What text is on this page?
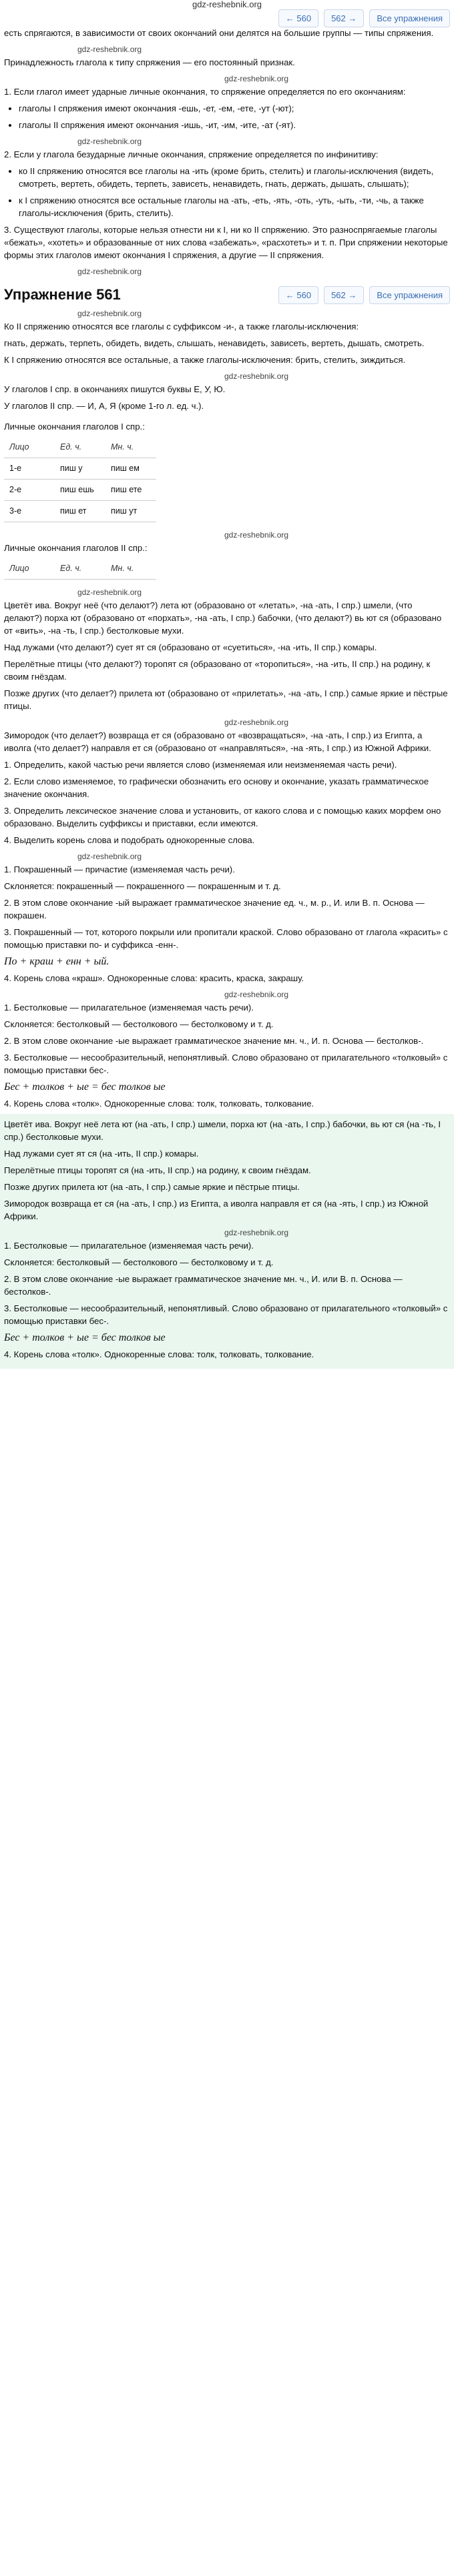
gdz-reshebnik.org
← 560	562 →	Все упражнения

есть спрягаются, в зависимости от своих окончаний они делятся на большие группы — типы спряжения.

gdz-reshebnik.org

Принадлежность глагола к типу спряжения — его постоянный признак.

gdz-reshebnik.org

1. Если глагол имеет ударные личные окончания, то спряжение определяется по его окончаниям:

• глаголы I спряжения имеют окончания -ешь, -ет, -ем, -ете, -ут (-ют);
• глаголы II спряжения имеют окончания -ишь, -ит, -им, -ите, -ат (-ят).
gdz-reshebnik.org

2. Если у глагола безударные личные окончания, спряжение определяется по инфинитиву:

• ко II спряжению относятся все глаголы на -ить (кроме брить, стелить) и глаголы-исключения (видеть, смотреть, вертеть, обидеть, терпеть, зависеть, ненавидеть, гнать, держать, дышать, слышать);
• к I спряжению относятся все остальные глаголы на -ать, -еть, -ять, -оть, -уть, -ыть, -ти, -чь, а также глаголы-исключения (брить, стелить).

3. Существуют глаголы, которые нельзя отнести ни к I, ни ко II спряжению. Это разноспрягаемые глаголы «бежать», «хотеть» и образованные от них слова «забежать», «расхотеть» и т. п. При спряжении некоторые формы этих глаголов имеют окончания I спряжения, а другие — II спряжения.

gdz-reshebnik.org
Упражнение 561	← 560	562 →	Все упражнения
gdz-reshebnik.org

Ко II спряжению относятся все глаголы с суффиксом -и-, а также глаголы-исключения:

гнать, держать, терпеть, обидеть, видеть, слышать, ненавидеть, зависеть, вертеть, дышать, смотреть.

К I спряжению относятся все остальные, а также глаголы-исключения: брить, стелить, зиждиться.

gdz-reshebnik.org

У глаголов I спр. в окончаниях пишутся буквы Е, У, Ю.

У глаголов II спр. — И, А, Я (кроме 1-го л. ед. ч.).

Личные окончания глаголов I спр.:

Лицо	Ед. ч.	Мн. ч.
1-е	пиш у	пиш ем
2-е	пиш ешь	пиш ете
3-е	пиш ет	пиш ут
gdz-reshebnik.org

Личные окончания глаголов II спр.:

Лицо	Ед. ч.	Мн. ч.
gdz-reshebnik.org

Цветёт ива. Вокруг неё (что делают?) лета ют (образовано от «летать», -на -ать, I спр.) шмели, (что делают?) порха ют (образовано от «порхать», -на -ать, I спр.) бабочки, (что делают?) вь ют ся (образовано от «вить», -на -ть, I спр.) бестолковые мухи.

Над лужами (что делают?) сует ят ся (образовано от «суетиться», -на -ить, II спр.) комары.

Перелётные птицы (что делают?) торопят ся (образовано от «торопиться», -на -ить, II спр.) на родину, к своим гнёздам.

Позже других (что делает?) прилета ют (образовано от «прилетать», -на -ать, I спр.) самые яркие и пёстрые птицы.

gdz-reshebnik.org

Зимородок (что делает?) возвраща ет ся (образовано от «возвращаться», -на -ать, I спр.) из Египта, а иволга (что делает?) направля ет ся (образовано от «направляться», -на -ять, I спр.) из Южной Африки.

1. Определить, какой частью речи является слово (изменяемая или неизменяемая часть речи).

2. Если слово изменяемое, то графически обозначить его основу и окончание, указать грамматическое значение окончания.

3. Определить лексическое значение слова и установить, от какого слова и с помощью каких морфем оно образовано. Выделить суффиксы и приставки, если имеются.

4. Выделить корень слова и подобрать однокоренные слова.

gdz-reshebnik.org

1. Покрашенный — причастие (изменяемая часть речи).

Склоняется: покрашенный — покрашенного — покрашенным и т. д.

2. В этом слове окончание -ый выражает грамматическое значение ед. ч., м. р., И. или В. п. Основа — покрашен.

3. Покрашенный — тот, которого покрыли или пропитали краской. Слово образовано от глагола «красить» с помощью приставки по- и суффикса -енн-.

По + краш + енн + ый.

4. Корень слова «краш». Однокоренные слова: красить, краска, закрашу.

gdz-reshebnik.org

1. Бестолковые — прилагательное (изменяемая часть речи).

Склоняется: бестолковый — бестолкового — бестолковому и т. д.

2. В этом слове окончание -ые выражает грамматическое значение мн. ч., И. п. Основа — бестолков-.

3. Бестолковые — несообразительный, непонятливый. Слово образовано от прилагательного «толковый» с помощью приставки бес-.

Бес + толков + ые = бес толков ые

4. Корень слова «толк». Однокоренные слова: толк, толковать, толкование.

Цветёт ива. Вокруг неё лета ют (на -ать, I спр.) шмели, порха ют (на -ать, I спр.) бабочки, вь ют ся (на -ть, I спр.) бестолковые мухи.

Над лужами сует ят ся (на -ить, II спр.) комары.

Перелётные птицы торопят ся (на -ить, II спр.) на родину, к своим гнёздам.

Позже других прилета ют (на -ать, I спр.) самые яркие и пёстрые птицы.

Зимородок возвраща ет ся (на -ать, I спр.) из Египта, а иволга направля ет ся (на -ять, I спр.) из Южной Африки.

gdz-reshebnik.org

1. Бестолковые — прилагательное (изменяемая часть речи).

Склоняется: бестолковый — бестолкового — бестолковому и т. д.

2. В этом слове окончание -ые выражает грамматическое значение мн. ч., И. или В. п. Основа — бестолков-.

3. Бестолковые — несообразительный, непонятливый. Слово образовано от прилагательного «толковый» с помощью приставки бес-.

Бес + толков + ые = бес толков ые

4. Корень слова «толк». Однокоренные слова: толк, толковать, толкование.
